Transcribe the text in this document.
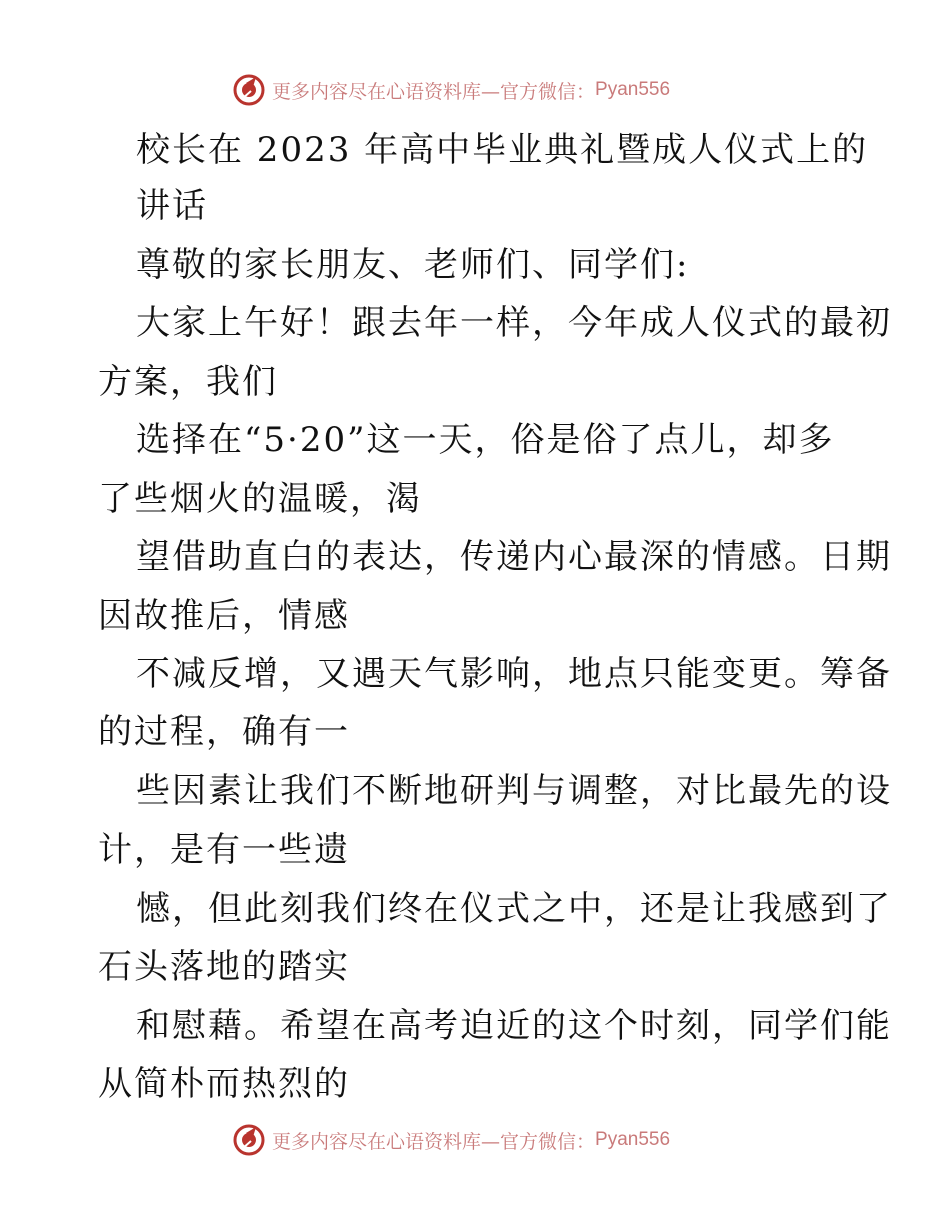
更多内容尽在心语资料库 —官方微信： Pyan556
校长在 2023 年高中毕业典礼暨成人仪式上的
讲话
尊敬的家长朋友、老师们、同学们:
大家上午好！跟去年一样，今年成人仪式的最初
方案，我们
选择在“5·20”这一天，俗是俗了点儿，却多
了些烟火的温暖，渴
望借助直白的表达，传递内心最深的情感。日期
因故推后，情感
不减反增，又遇天气影响，地点只能变更。筹备
的过程，确有一
些因素让我们不断地研判与调整，对比最先的设
计，是有一些遗
憾，但此刻我们终在仪式之中，还是让我感到了
石头落地的踏实
和慰藉。希望在高考迫近的这个时刻，同学们能
从简朴而热烈的
更多内容尽在心语资料库 —官方微信： Pyan556
